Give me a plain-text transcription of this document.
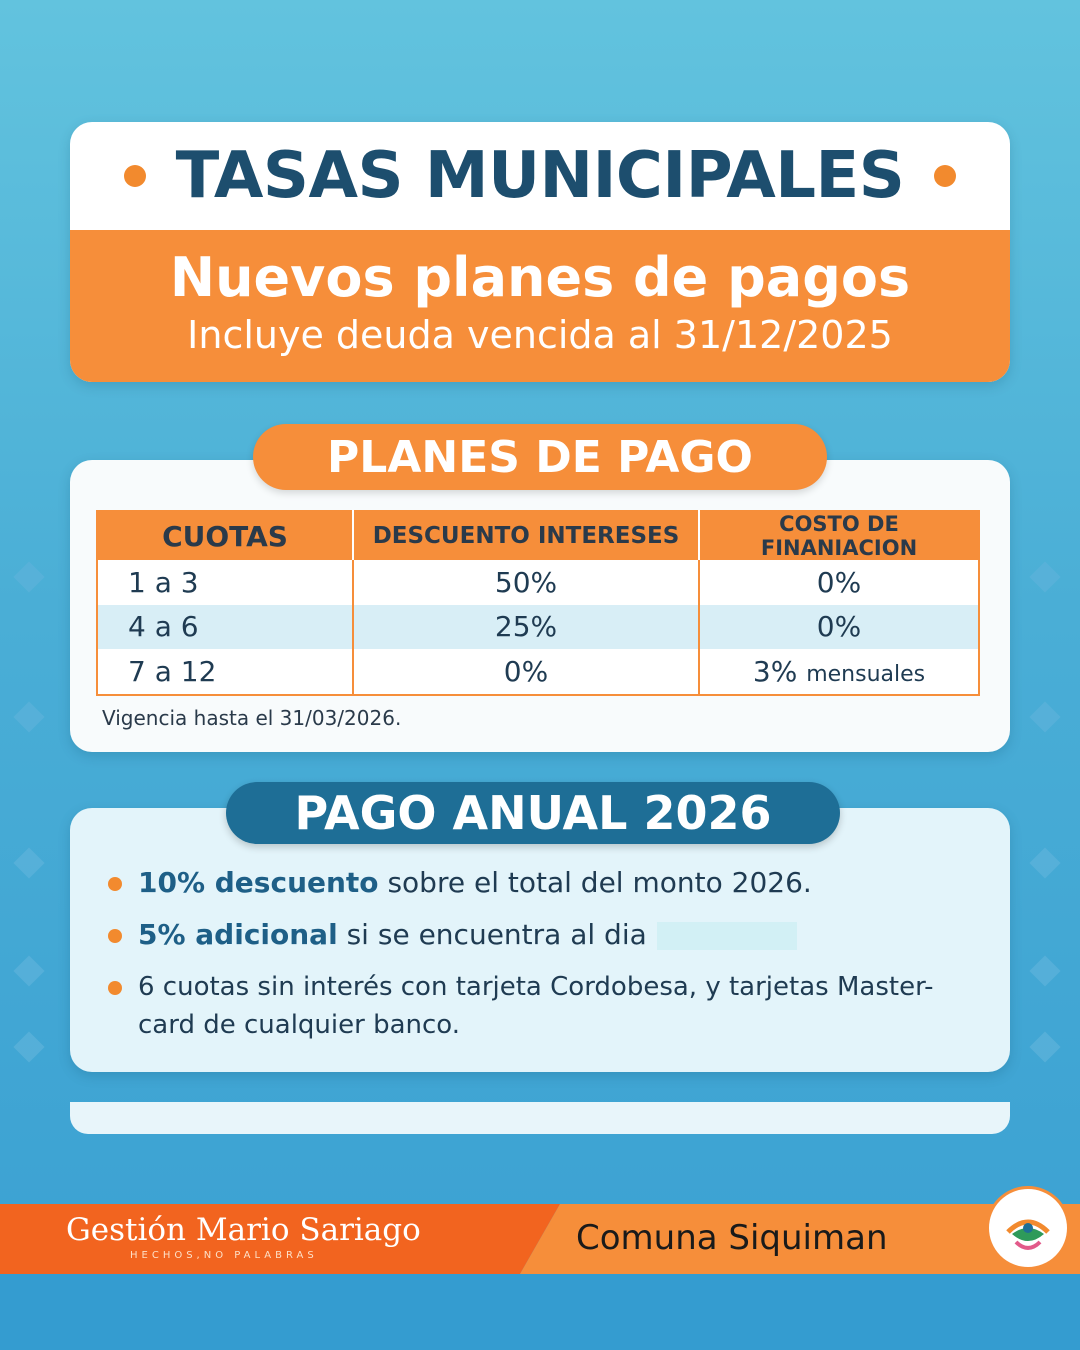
TASAS MUNICIPALES
Nuevos planes de pagos
Incluye deuda vencida al 31/12/2025
PLANES DE PAGO
CUOTAS	DESCUENTO INTERESES	COSTO DE FINANIACION
1 a 3	50%	0%
4 a 6	25%	0%
7 a 12	0%	3% mensuales
Vigencia hasta el 31/03/2026.
PAGO ANUAL 2026
10% descuento sobre el total del monto 2026.
5% adicional si se encuentra al dia
6 cuotas sin interés con tarjeta Cordobesa, y tarjetas Master-
card de cualquier banco.
Gestión Mario Sariago
HECHOS,NO PALABRAS	Comuna Siquiman
